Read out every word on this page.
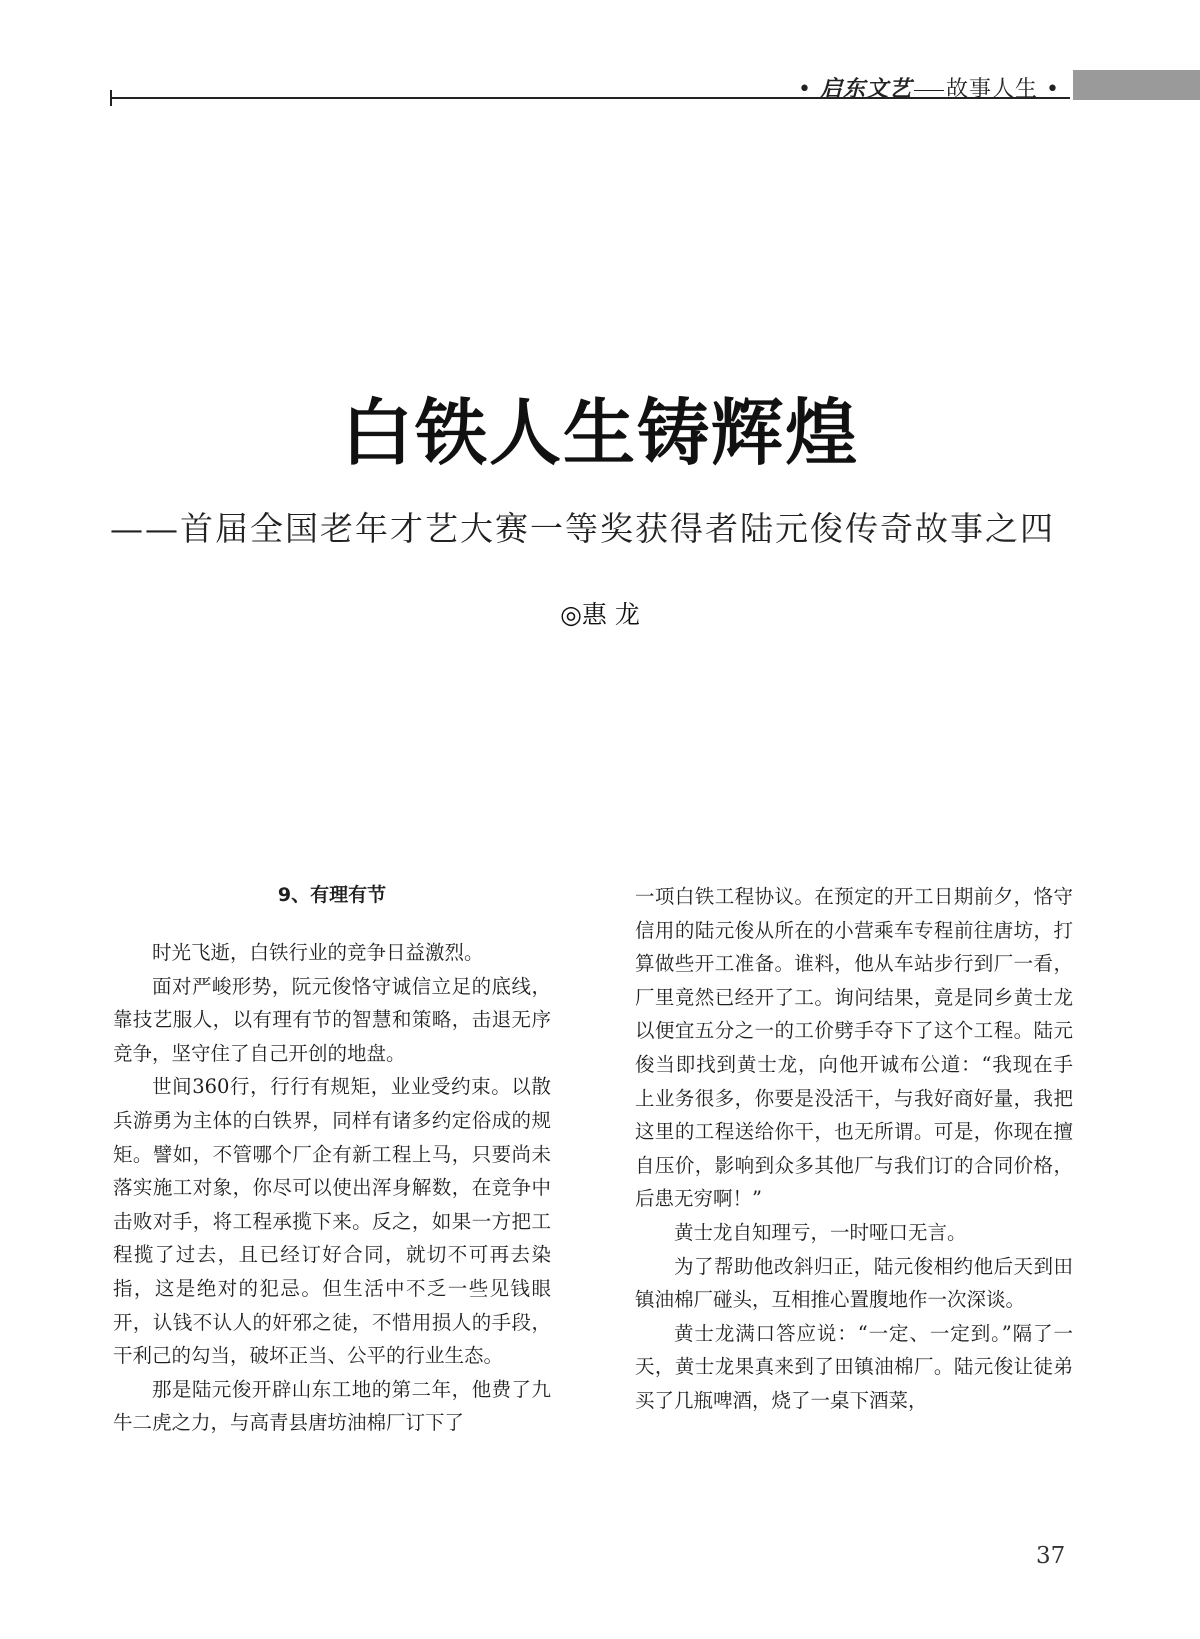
• 启东文艺 故事人生 •
白铁人生铸辉煌
——首届全国老年才艺大赛一等奖获得者陆元俊传奇故事之四
◎惠 龙
9、有理有节

时光飞逝，白铁行业的竞争日益激烈。

面对严峻形势，阮元俊恪守诚信立足的底线，靠技艺服人，以有理有节的智慧和策略，击退无序竞争，坚守住了自己开创的地盘。

世间360行，行行有规矩，业业受约束。以散兵游勇为主体的白铁界，同样有诸多约定俗成的规矩。譬如，不管哪个厂企有新工程上马，只要尚未落实施工对象，你尽可以使出浑身解数，在竞争中击败对手，将工程承揽下来。反之，如果一方把工程揽了过去，且已经订好合同，就切不可再去染指，这是绝对的犯忌。但生活中不乏一些见钱眼开，认钱不认人的奸邪之徒，不惜用损人的手段，干利己的勾当，破坏正当、公平的行业生态。

那是陆元俊开辟山东工地的第二年，他费了九牛二虎之力，与高青县唐坊油棉厂订下了

一项白铁工程协议。在预定的开工日期前夕，恪守信用的陆元俊从所在的小营乘车专程前往唐坊，打算做些开工准备。谁料，他从车站步行到厂一看，厂里竟然已经开了工。询问结果，竟是同乡黄士龙以便宜五分之一的工价劈手夺下了这个工程。陆元俊当即找到黄士龙，向他开诚布公道：“我现在手上业务很多，你要是没活干，与我好商好量，我把这里的工程送给你干，也无所谓。可是，你现在擅自压价，影响到众多其他厂与我们订的合同价格，后患无穷啊！”

黄士龙自知理亏，一时哑口无言。

为了帮助他改斜归正，陆元俊相约他后天到田镇油棉厂碰头，互相推心置腹地作一次深谈。

黄士龙满口答应说：“一定、一定到。”隔了一天，黄士龙果真来到了田镇油棉厂。陆元俊让徒弟买了几瓶啤酒，烧了一桌下酒菜，

37
